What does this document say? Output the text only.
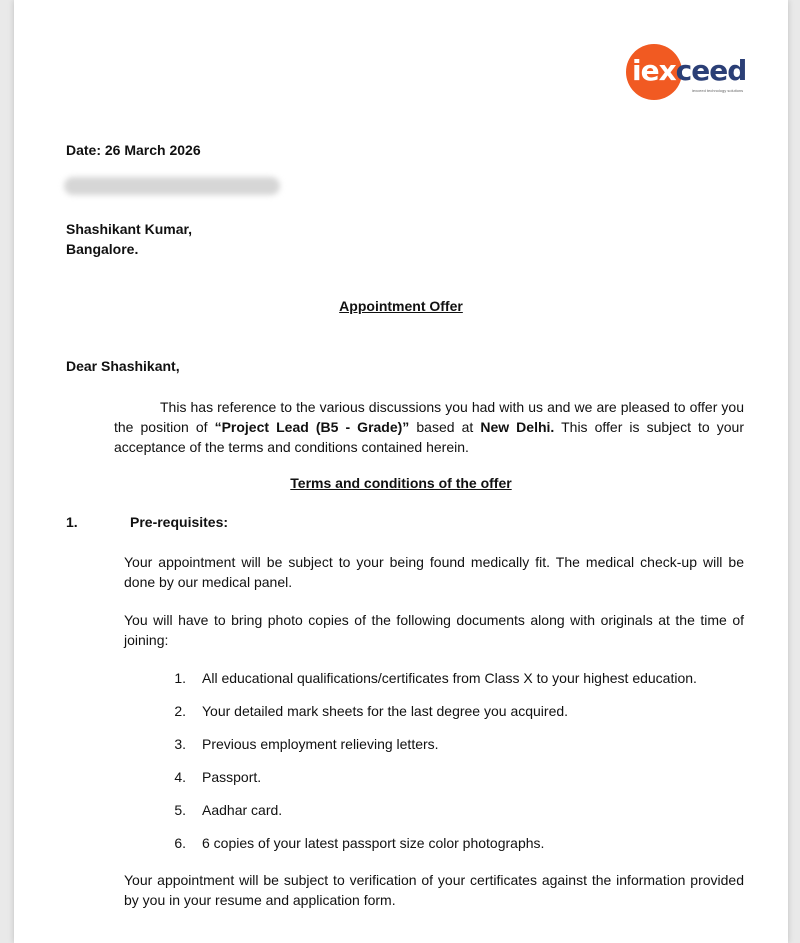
iexceed
iexceed technology solutions
Date: 26 March 2026
Shashikant Kumar,
Bangalore.
Appointment Offer
Dear Shashikant,
This has reference to the various discussions you had with us and we are pleased to offer you the position of “Project Lead (B5 - Grade)” based at New Delhi. This offer is subject to your acceptance of the terms and conditions contained herein.
Terms and conditions of the offer
1.	Pre-requisites:
Your appointment will be subject to your being found medically fit. The medical check-up will be done by our medical panel.
You will have to bring photo copies of the following documents along with originals at the time of joining:
1. All educational qualifications/certificates from Class X to your highest education.
2. Your detailed mark sheets for the last degree you acquired.
3. Previous employment relieving letters.
4. Passport.
5. Aadhar card.
6. 6 copies of your latest passport size color photographs.
Your appointment will be subject to verification of your certificates against the information provided by you in your resume and application form.
